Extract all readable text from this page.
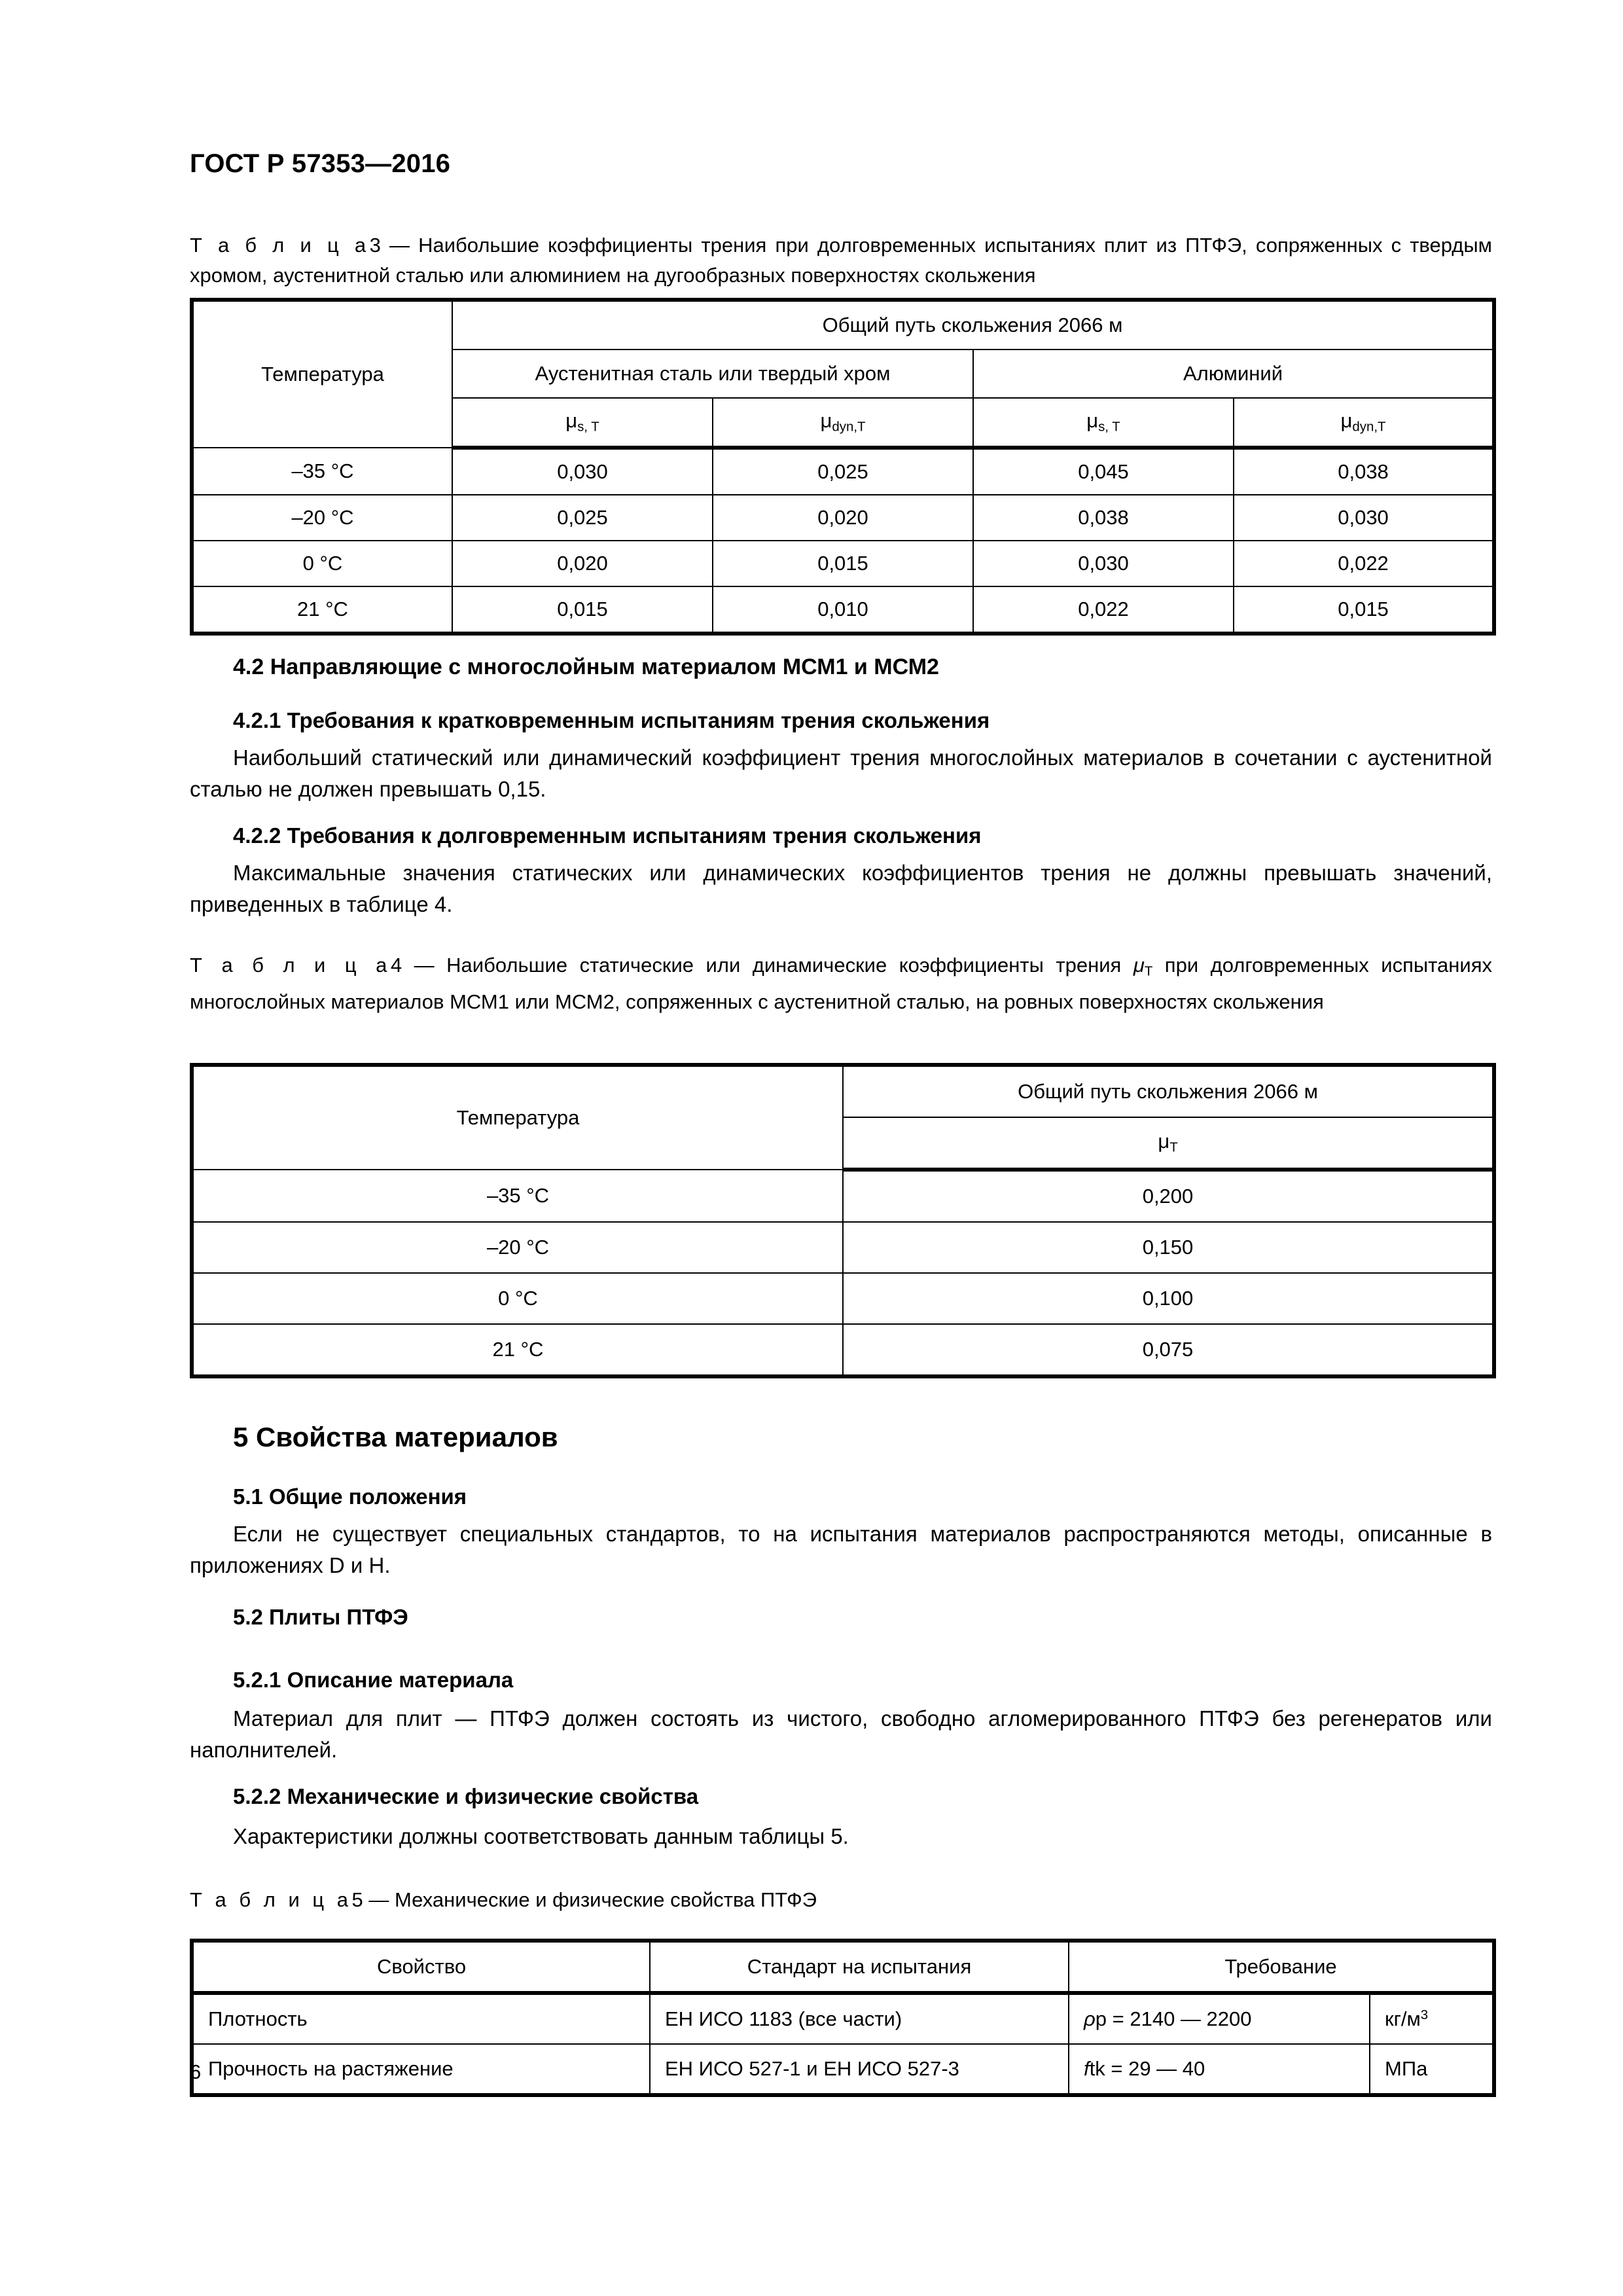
ГОСТ Р 57353—2016

Т а б л и ц а3 — Наибольшие коэффициенты трения при долговременных испытаниях плит из ПТФЭ, сопряженных с твердым хромом, аустенитной сталью или алюминием на дугообразных поверхностях скольжения

Температура	Общий путь скольжения 2066 м			
	Аустенитная сталь или твердый хром		Алюминий	
	$\mu_{s, T}$	$\mu_{dyn,T}$	$\mu_{s, T}$	$\mu_{dyn,T}$
–35 °C	0,030	0,025	0,045	0,038
–20 °C	0,025	0,020	0,038	0,030
0 °C	0,020	0,015	0,030	0,022
21 °C	0,015	0,010	0,022	0,015

4.2 Направляющие с многослойным материалом МСМ1 и МСМ2

4.2.1 Требования к кратковременным испытаниям трения скольжения

Наибольший статический или динамический коэффициент трения многослойных материалов в сочетании с аустенитной сталью не должен превышать 0,15.

4.2.2 Требования к долговременным испытаниям трения скольжения

Максимальные значения статических или динамических коэффициентов трения не должны превышать значений, приведенных в таблице 4.

Т а б л и ц а4 — Наибольшие статические или динамические коэффициенты трения $\mu_T$ при долговременных испытаниях многослойных материалов МСМ1 или МСМ2, сопряженных с аустенитной сталью, на ровных поверхностях скольжения

Температура	Общий путь скольжения 2066 м
	$\mu_T$
–35 °C	0,200
–20 °C	0,150
0 °C	0,100
21 °C	0,075

5 Свойства материалов

5.1 Общие положения

Если не существует специальных стандартов, то на испытания материалов распространяются методы, описанные в приложениях D и H.

5.2 Плиты ПТФЭ

5.2.1 Описание материала

Материал для плит — ПТФЭ должен состоять из чистого, свободно агломерированного ПТФЭ без регенератов или наполнителей.

5.2.2 Механические и физические свойства

Характеристики должны соответствовать данным таблицы 5.

Т а б л и ц а5 — Механические и физические свойства ПТФЭ

Свойство	Стандарт на испытания	Требование	
Плотность	ЕН ИСО 1183 (все части)	ρp = 2140 — 2200	$кг/м^3$
Прочность на растяжение	ЕН ИСО 527-1 и ЕН ИСО 527-3	ftk = 29 — 40	МПа
6
